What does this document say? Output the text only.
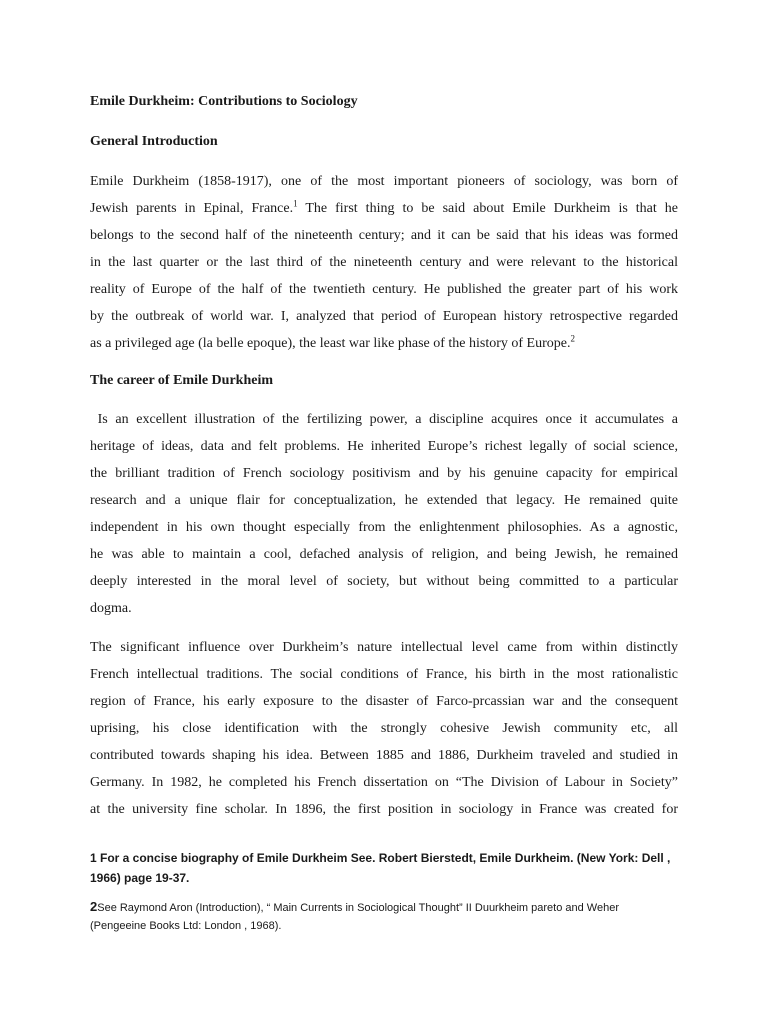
Emile Durkheim: Contributions to Sociology
General Introduction
Emile Durkheim (1858-1917), one of the most important pioneers of sociology, was born of
Jewish parents in Epinal, France.$^1$ The first thing to be said about Emile Durkheim is that he
belongs to the second half of the nineteenth century; and it can be said that his ideas was formed
in the last quarter or the last third of the nineteenth century and were relevant to the historical
reality of Europe of the half of the twentieth century. He published the greater part of his work
by the outbreak of world war. I, analyzed that period of European history retrospective regarded
as a privileged age (la belle epoque), the least war like phase of the history of Europe.$^2$
The career of Emile Durkheim
Is an excellent illustration of the fertilizing power, a discipline acquires once it accumulates a
heritage of ideas, data and felt problems. He inherited Europe’s richest legally of social science,
the brilliant tradition of French sociology positivism and by his genuine capacity for empirical
research and a unique flair for conceptualization, he extended that legacy. He remained quite
independent in his own thought especially from the enlightenment philosophies. As a agnostic,
he was able to maintain a cool, defached analysis of religion, and being Jewish, he remained
deeply interested in the moral level of society, but without being committed to a particular
dogma.
The significant influence over Durkheim’s nature intellectual level came from within distinctly
French intellectual traditions. The social conditions of France, his birth in the most rationalistic
region of France, his early exposure to the disaster of Farco-prcassian war and the consequent
uprising, his close identification with the strongly cohesive Jewish community etc, all
contributed towards shaping his idea. Between 1885 and 1886, Durkheim traveled and studied in
Germany. In 1982, he completed his French dissertation on “The Division of Labour in Society”
at the university fine scholar. In 1896, the first position in sociology in France was created for
1 For a concise biography of Emile Durkheim See. Robert Bierstedt, Emile Durkheim. (New York: Dell ,
1966) page 19-37.
2See Raymond Aron (Introduction), “ Main Currents in Sociological Thought” II Duurkheim pareto and Weher
(Pengeeine Books Ltd: London , 1968).
